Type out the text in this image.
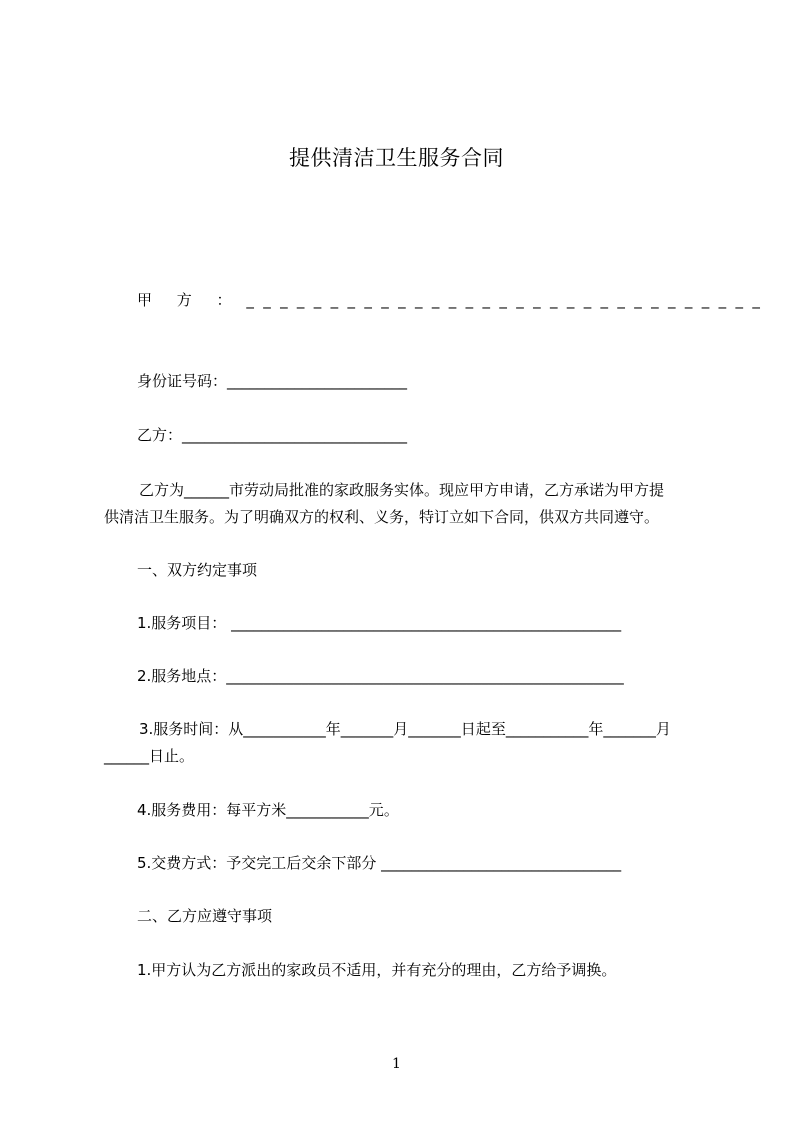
提供清洁卫生服务合同
甲 方 ： _ _ _ _ _ _ _ _ _ _ _ _ _ _ _ _ _ _ _ _ _ _ _ _ _ _ _ _ _ _ _
身份证号码：________________________
乙方：______________________________
乙方为______市劳动局批准的家政服务实体。现应甲方申请，乙方承诺为甲方提
供清洁卫生服务。为了明确双方的权利、义务，特订立如下合同，供双方共同遵守。
一、双方约定事项
1.服务项目： ____________________________________________________
2.服务地点：_____________________________________________________
3.服务时间：从___________年_______月_______日起至___________年_______月
______日止。
4.服务费用：每平方米___________元。
5.交费方式：予交完工后交余下部分 ________________________________
二、乙方应遵守事项
1.甲方认为乙方派出的家政员不适用，并有充分的理由，乙方给予调换。
1
